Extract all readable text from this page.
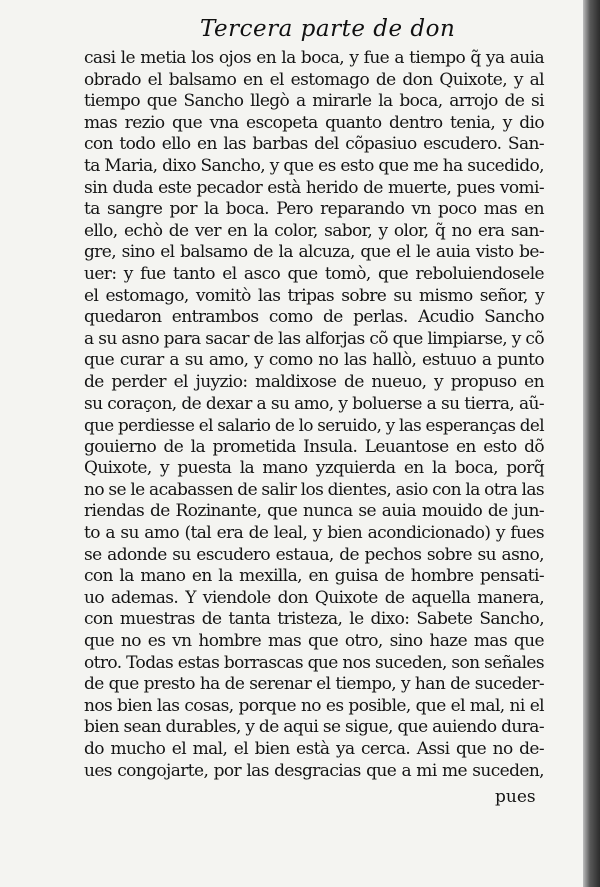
Tercera parte de don
casi le metia los ojos en la boca, y fue a tiempo q̃ ya auia
obrado el balsamo en el estomago de don Quixote, y al
tiempo que Sancho llegò a mirarle la boca, arrojo de si
mas rezio que vna escopeta quanto dentro tenia, y dio
con todo ello en las barbas del cõpasiuo escudero. San-
ta Maria, dixo Sancho, y que es esto que me ha sucedido,
sin duda este pecador està herido de muerte, pues vomi-
ta sangre por la boca. Pero reparando vn poco mas en
ello, echò de ver en la color, sabor, y olor, q̃ no era san-
gre, sino el balsamo de la alcuza, que el le auia visto be-
uer: y fue tanto el asco que tomò, que reboluiendosele
el estomago, vomitò las tripas sobre su mismo señor, y
quedaron entrambos como de perlas. Acudio Sancho
a su asno para sacar de las alforjas cõ que limpiarse, y cõ
que curar a su amo, y como no las hallò, estuuo a punto
de perder el juyzio: maldixose de nueuo, y propuso en
su coraçon, de dexar a su amo, y boluerse a su tierra, aũ-
que perdiesse el salario de lo seruido, y las esperanças del
gouierno de la prometida Insula. Leuantose en esto dõ
Quixote, y puesta la mano yzquierda en la boca, porq̃
no se le acabassen de salir los dientes, asio con la otra las
riendas de Rozinante, que nunca se auia mouido de jun-
to a su amo (tal era de leal, y bien acondicionado) y fues
se adonde su escudero estaua, de pechos sobre su asno,
con la mano en la mexilla, en guisa de hombre pensati-
uo ademas. Y viendole don Quixote de aquella manera,
con muestras de tanta tristeza, le dixo: Sabete Sancho,
que no es vn hombre mas que otro, sino haze mas que
otro. Todas estas borrascas que nos suceden, son señales
de que presto ha de serenar el tiempo, y han de suceder-
nos bien las cosas, porque no es posible, que el mal, ni el
bien sean durables, y de aqui se sigue, que auiendo dura-
do mucho el mal, el bien està ya cerca. Assi que no de-
ues congojarte, por las desgracias que a mi me suceden,
pues
